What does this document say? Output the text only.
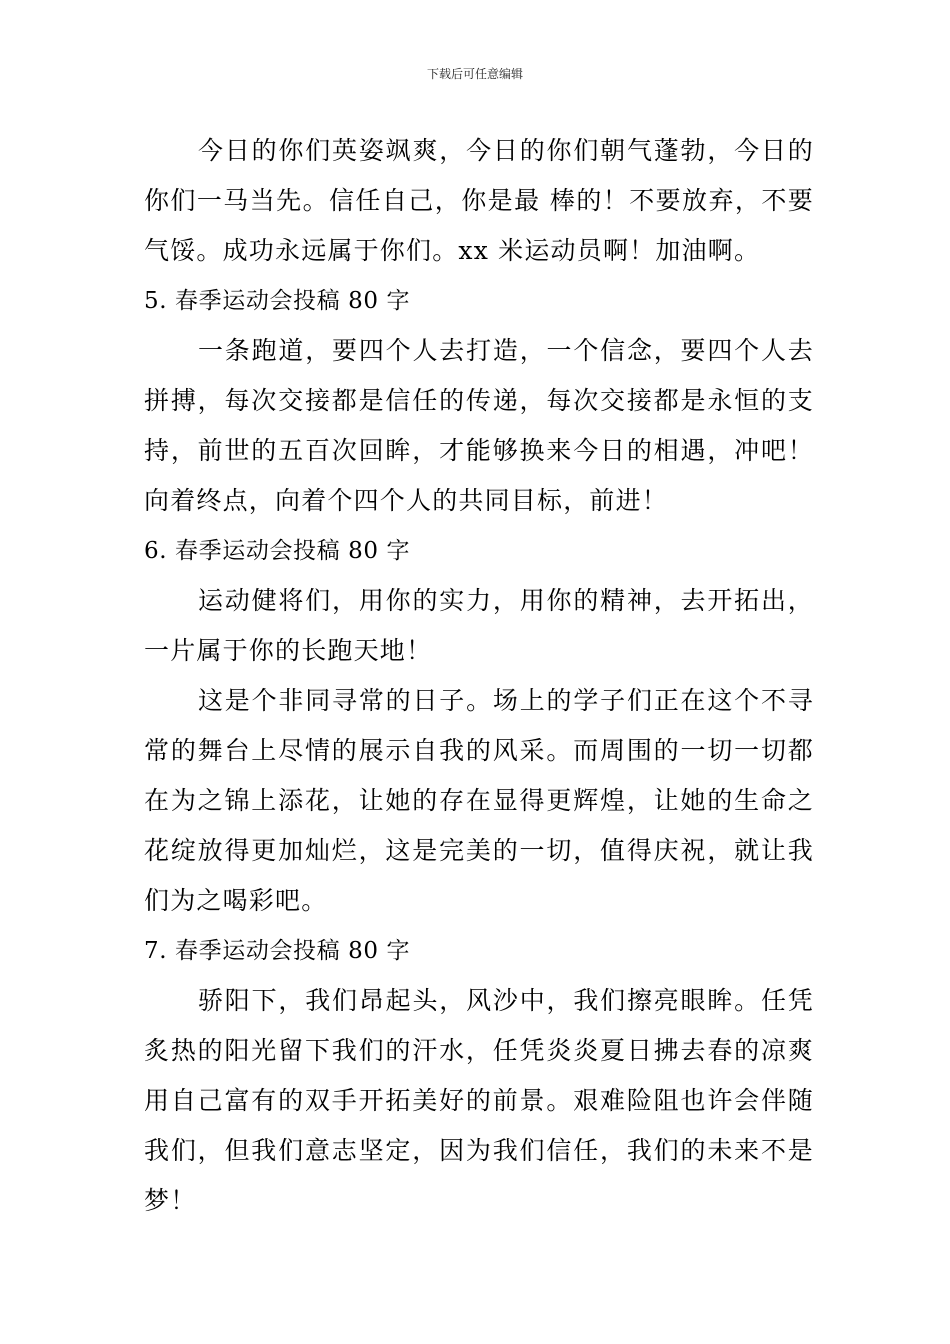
下载后可任意编辑

今日的你们英姿飒爽，今日的你们朝气蓬勃，今日的你们一马当先。信任自己，你是最 棒的！不要放弃，不要气馁。成功永远属于你们。xx 米运动员啊！加油啊。

5. 春季运动会投稿 80 字

一条跑道，要四个人去打造，一个信念，要四个人去拼搏，每次交接都是信任的传递，每次交接都是永恒的支持，前世的五百次回眸，才能够换来今日的相遇，冲吧！向着终点，向着个四个人的共同目标，前进！

6. 春季运动会投稿 80 字

运动健将们，用你的实力，用你的精神，去开拓出，一片属于你的长跑天地！

这是个非同寻常的日子。场上的学子们正在这个不寻常的舞台上尽情的展示自我的风采。而周围的一切一切都在为之锦上添花，让她的存在显得更辉煌，让她的生命之花绽放得更加灿烂，这是完美的一切，值得庆祝，就让我们为之喝彩吧。

7. 春季运动会投稿 80 字

骄阳下，我们昂起头，风沙中，我们擦亮眼眸。任凭炙热的阳光留下我们的汗水，任凭炎炎夏日拂去春的凉爽用自己富有的双手开拓美好的前景。艰难险阻也许会伴随我们，但我们意志坚定，因为我们信任，我们的未来不是梦！
